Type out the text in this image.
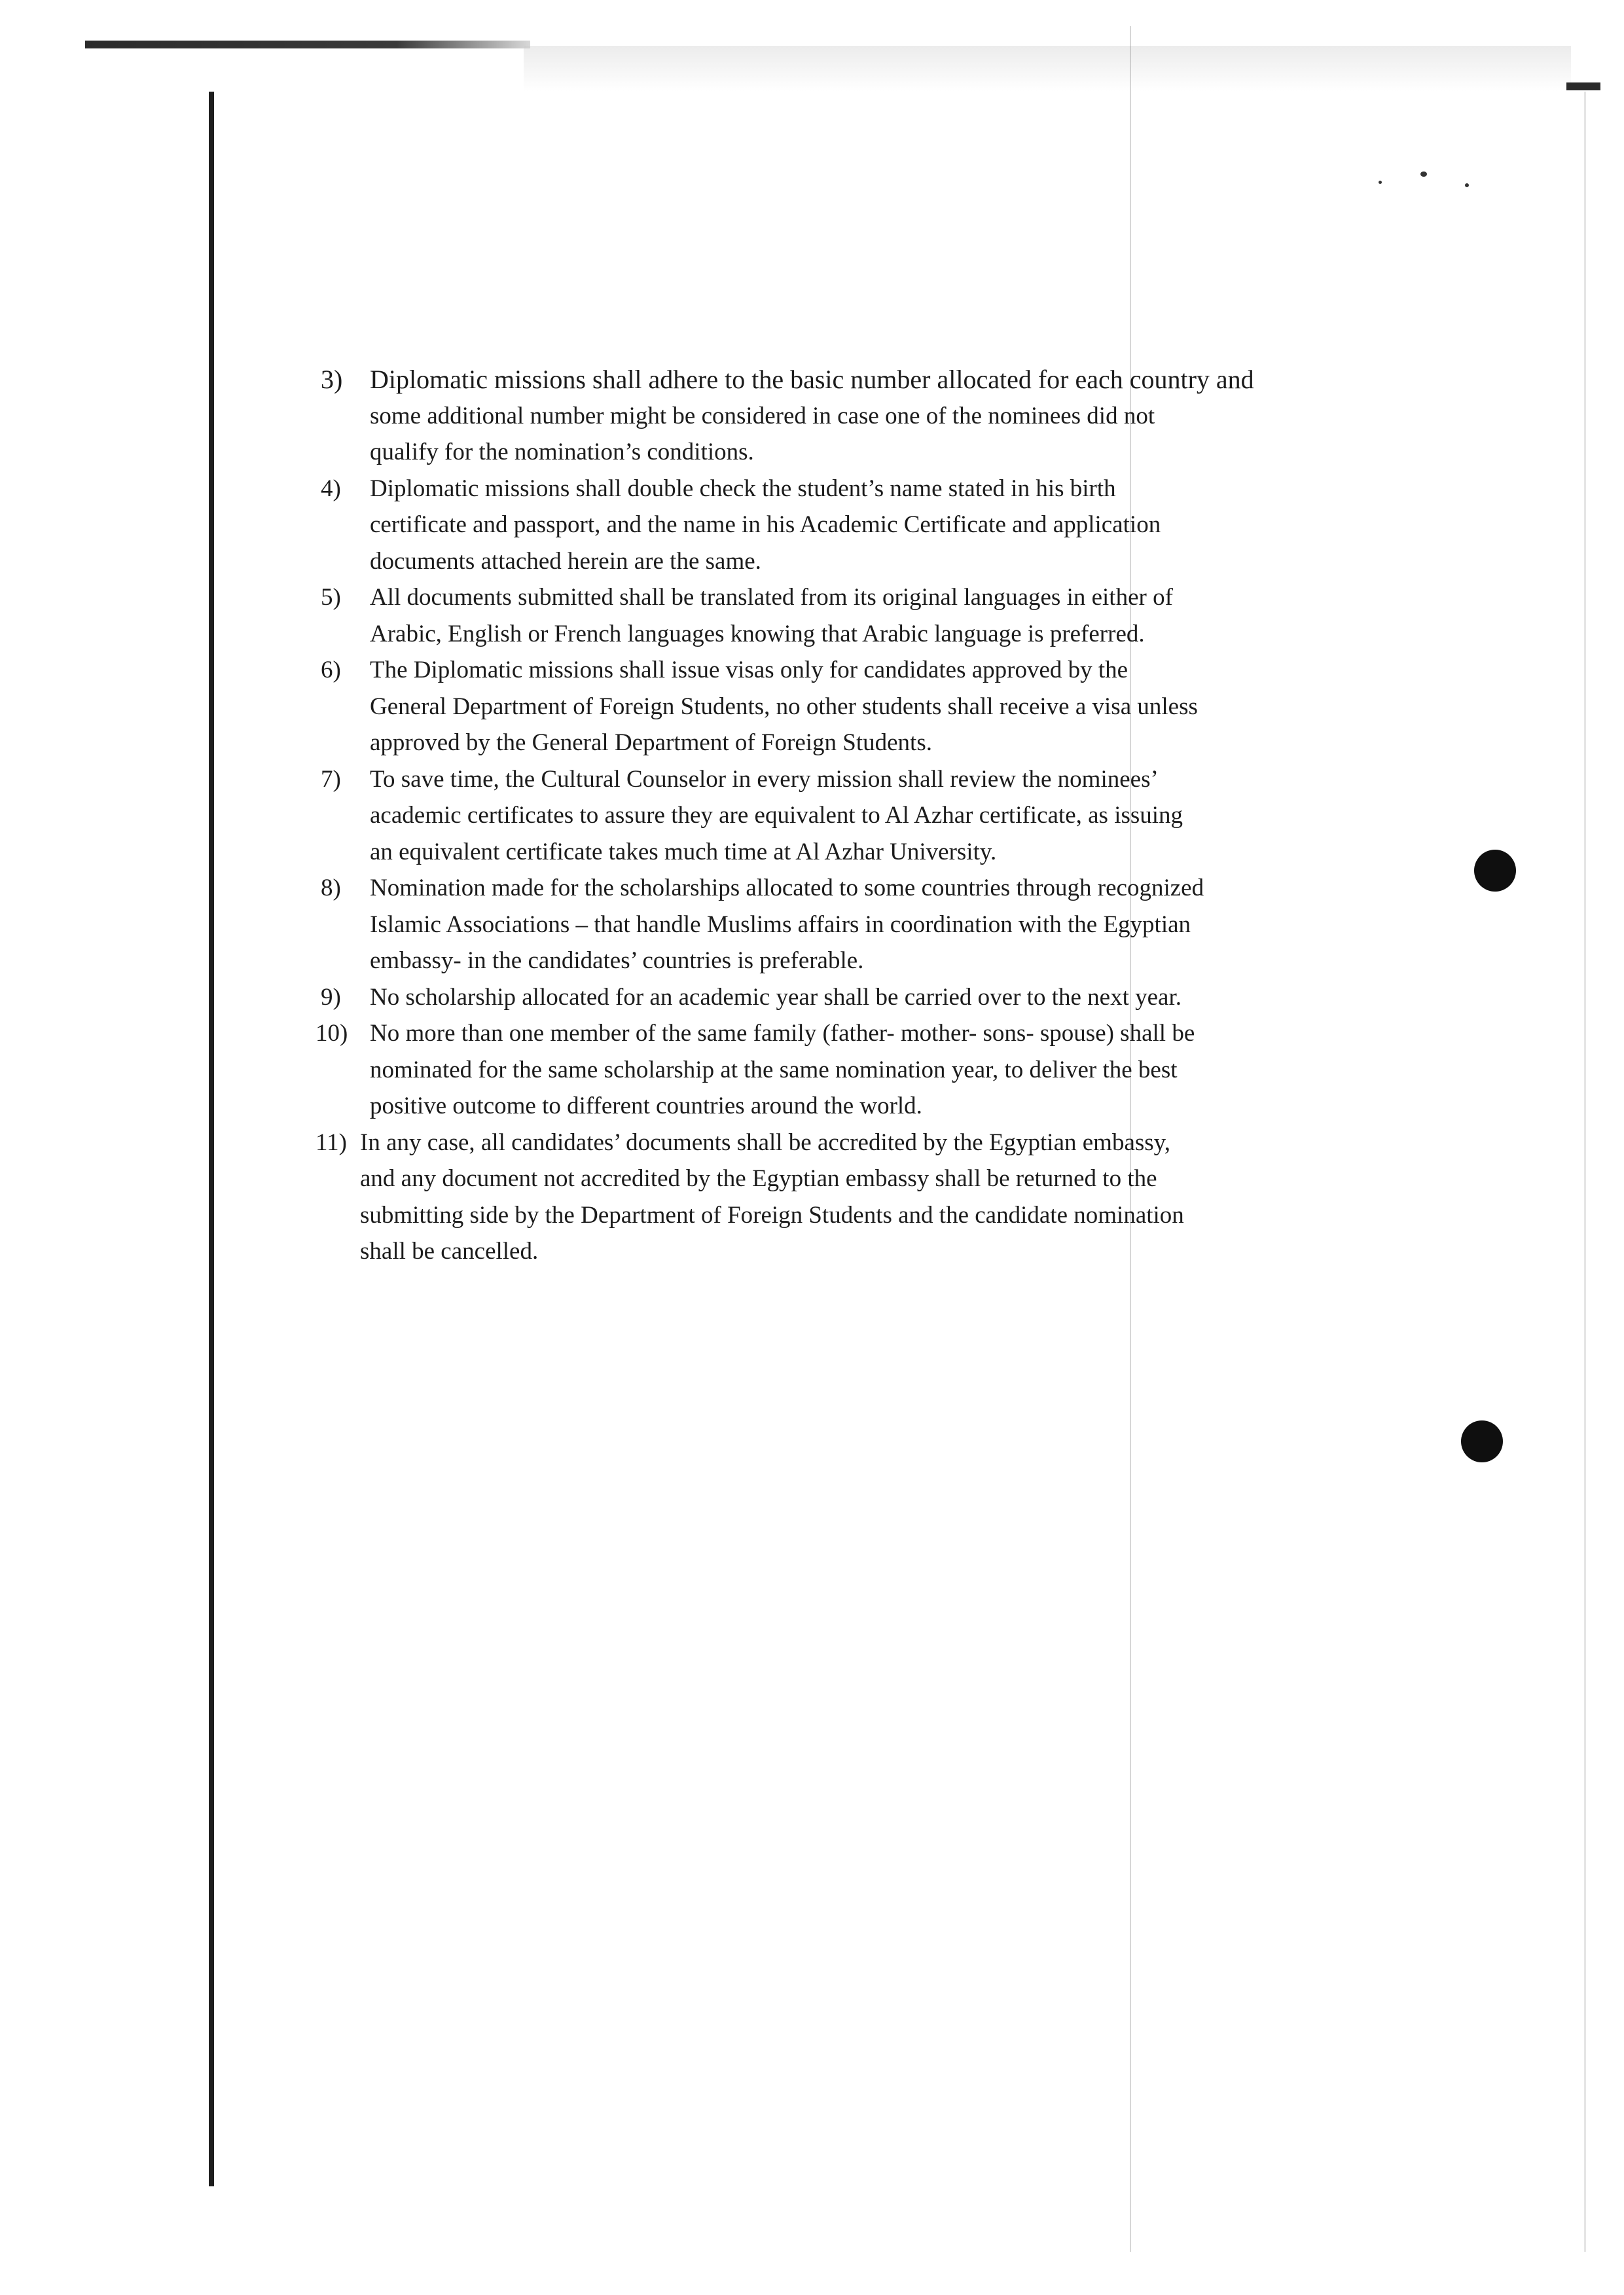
3)	Diplomatic missions shall adhere to the basic number allocated for each country and
some additional number might be considered in case one of the nominees did not
qualify for the nomination’s conditions.
4)	Diplomatic missions shall double check the student’s name stated in his birth
certificate and passport, and the name in his Academic Certificate and application
documents attached herein are the same.
5)	All documents submitted shall be translated from its original languages in either of
Arabic, English or French languages knowing that Arabic language is preferred.
6)	The Diplomatic missions shall issue visas only for candidates approved by the
General Department of Foreign Students, no other students shall receive a visa unless
approved by the General Department of Foreign Students.
7)	To save time, the Cultural Counselor in every mission shall review the nominees’
academic certificates to assure they are equivalent to Al Azhar certificate, as issuing
an equivalent certificate takes much time at Al Azhar University.
8)	Nomination made for the scholarships allocated to some countries through recognized
Islamic Associations – that handle Muslims affairs in coordination with the Egyptian
embassy- in the candidates’ countries is preferable.
9)	No scholarship allocated for an academic year shall be carried over to the next year.
10) No more than one member of the same family (father- mother- sons- spouse) shall be
nominated for the same scholarship at the same nomination year, to deliver the best
positive outcome to different countries around the world.
11) In any case, all candidates’ documents shall be accredited by the Egyptian embassy,
and any document not accredited by the Egyptian embassy shall be returned to the
submitting side by the Department of Foreign Students and the candidate nomination
shall be cancelled.
